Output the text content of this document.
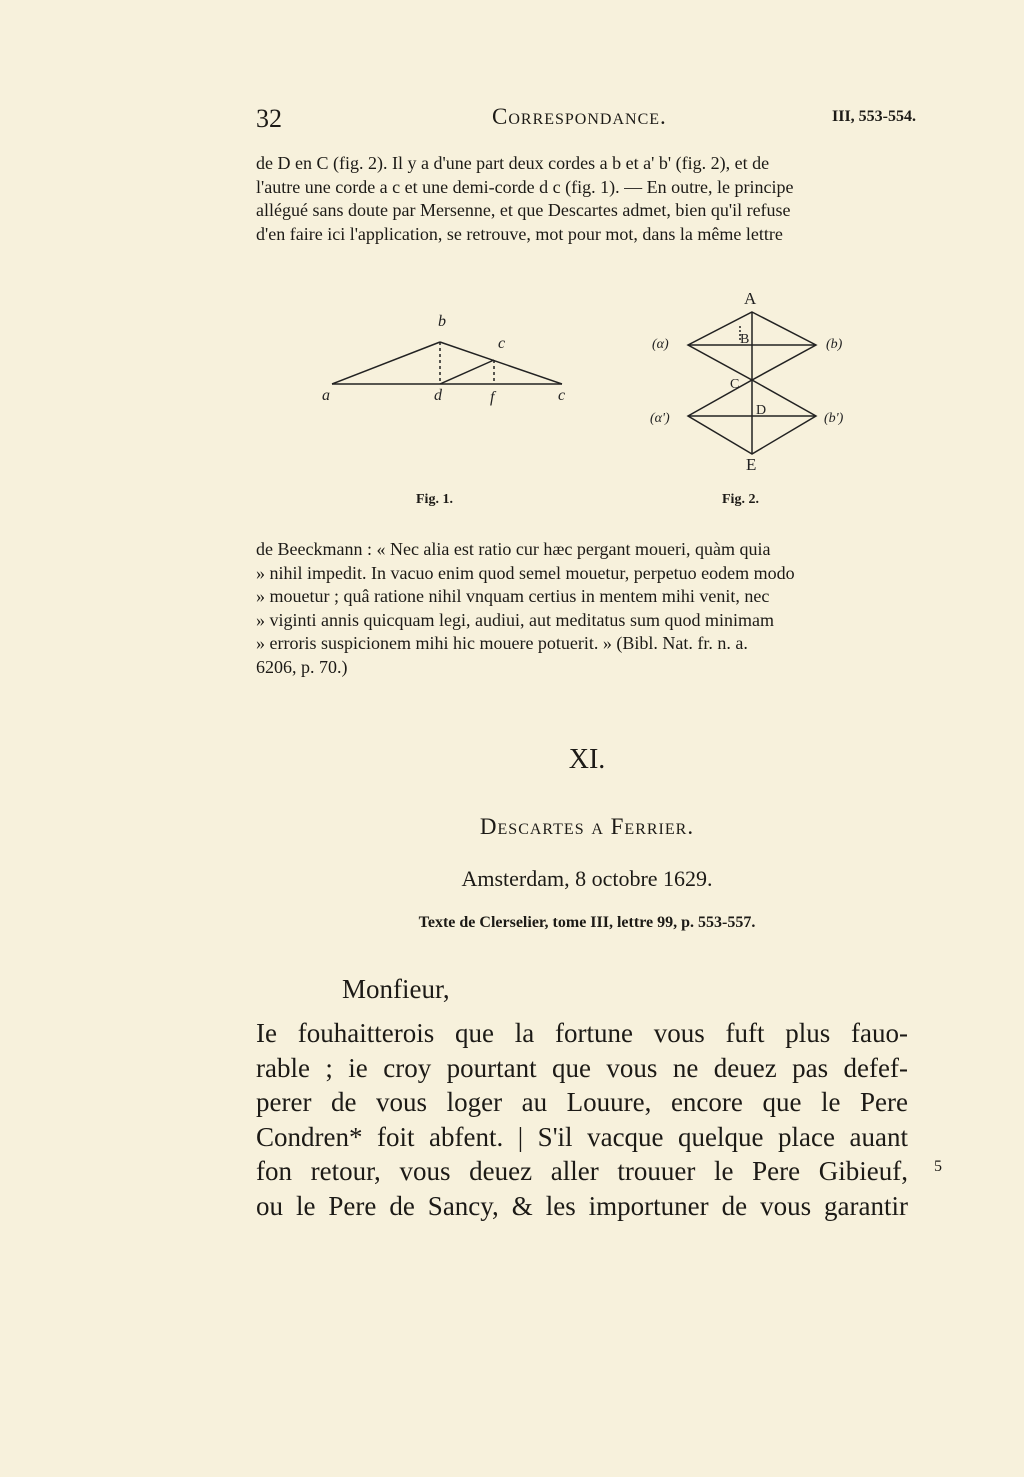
32	Correspondance.	III, 553-554.

de D en C (fig. 2). Il y a d'une part deux cordes a b et a' b' (fig. 2), et de

l'autre une corde a c et une demi-corde d c (fig. 1). — En outre, le principe

allégué sans doute par Mersenne, et que Descartes admet, bien qu'il refuse

d'en faire ici l'application, se retrouve, mot pour mot, dans la même lettre

b
c
a	d	f	c
Fig. 1.
A
B
C
D
E
(α)	(b)
(α')	(b')
Fig. 2.

de Beeckmann : « Nec alia est ratio cur hæc pergant moueri, quàm quia

» nihil impedit. In vacuo enim quod semel mouetur, perpetuo eodem modo

» mouetur ; quâ ratione nihil vnquam certius in mentem mihi venit, nec

» viginti annis quicquam legi, audiui, aut meditatus sum quod minimam

» erroris suspicionem mihi hic mouere potuerit. » (Bibl. Nat. fr. n. a.

6206, p. 70.)

XI.
Descartes a Ferrier.
Amsterdam, 8 octobre 1629.
Texte de Clerselier, tome III, lettre 99, p. 553-557.
Monfieur,
Ie fouhaitterois que la fortune vous fuft plus fauo-
rable ; ie croy pourtant que vous ne deuez pas defef-
perer de vous loger au Louure, encore que le Pere
Condren* foit abfent. | S'il vacque quelque place auant
fon retour, vous deuez aller trouuer le Pere Gibieuf,
ou le Pere de Sancy, & les importuner de vous garantir
5
